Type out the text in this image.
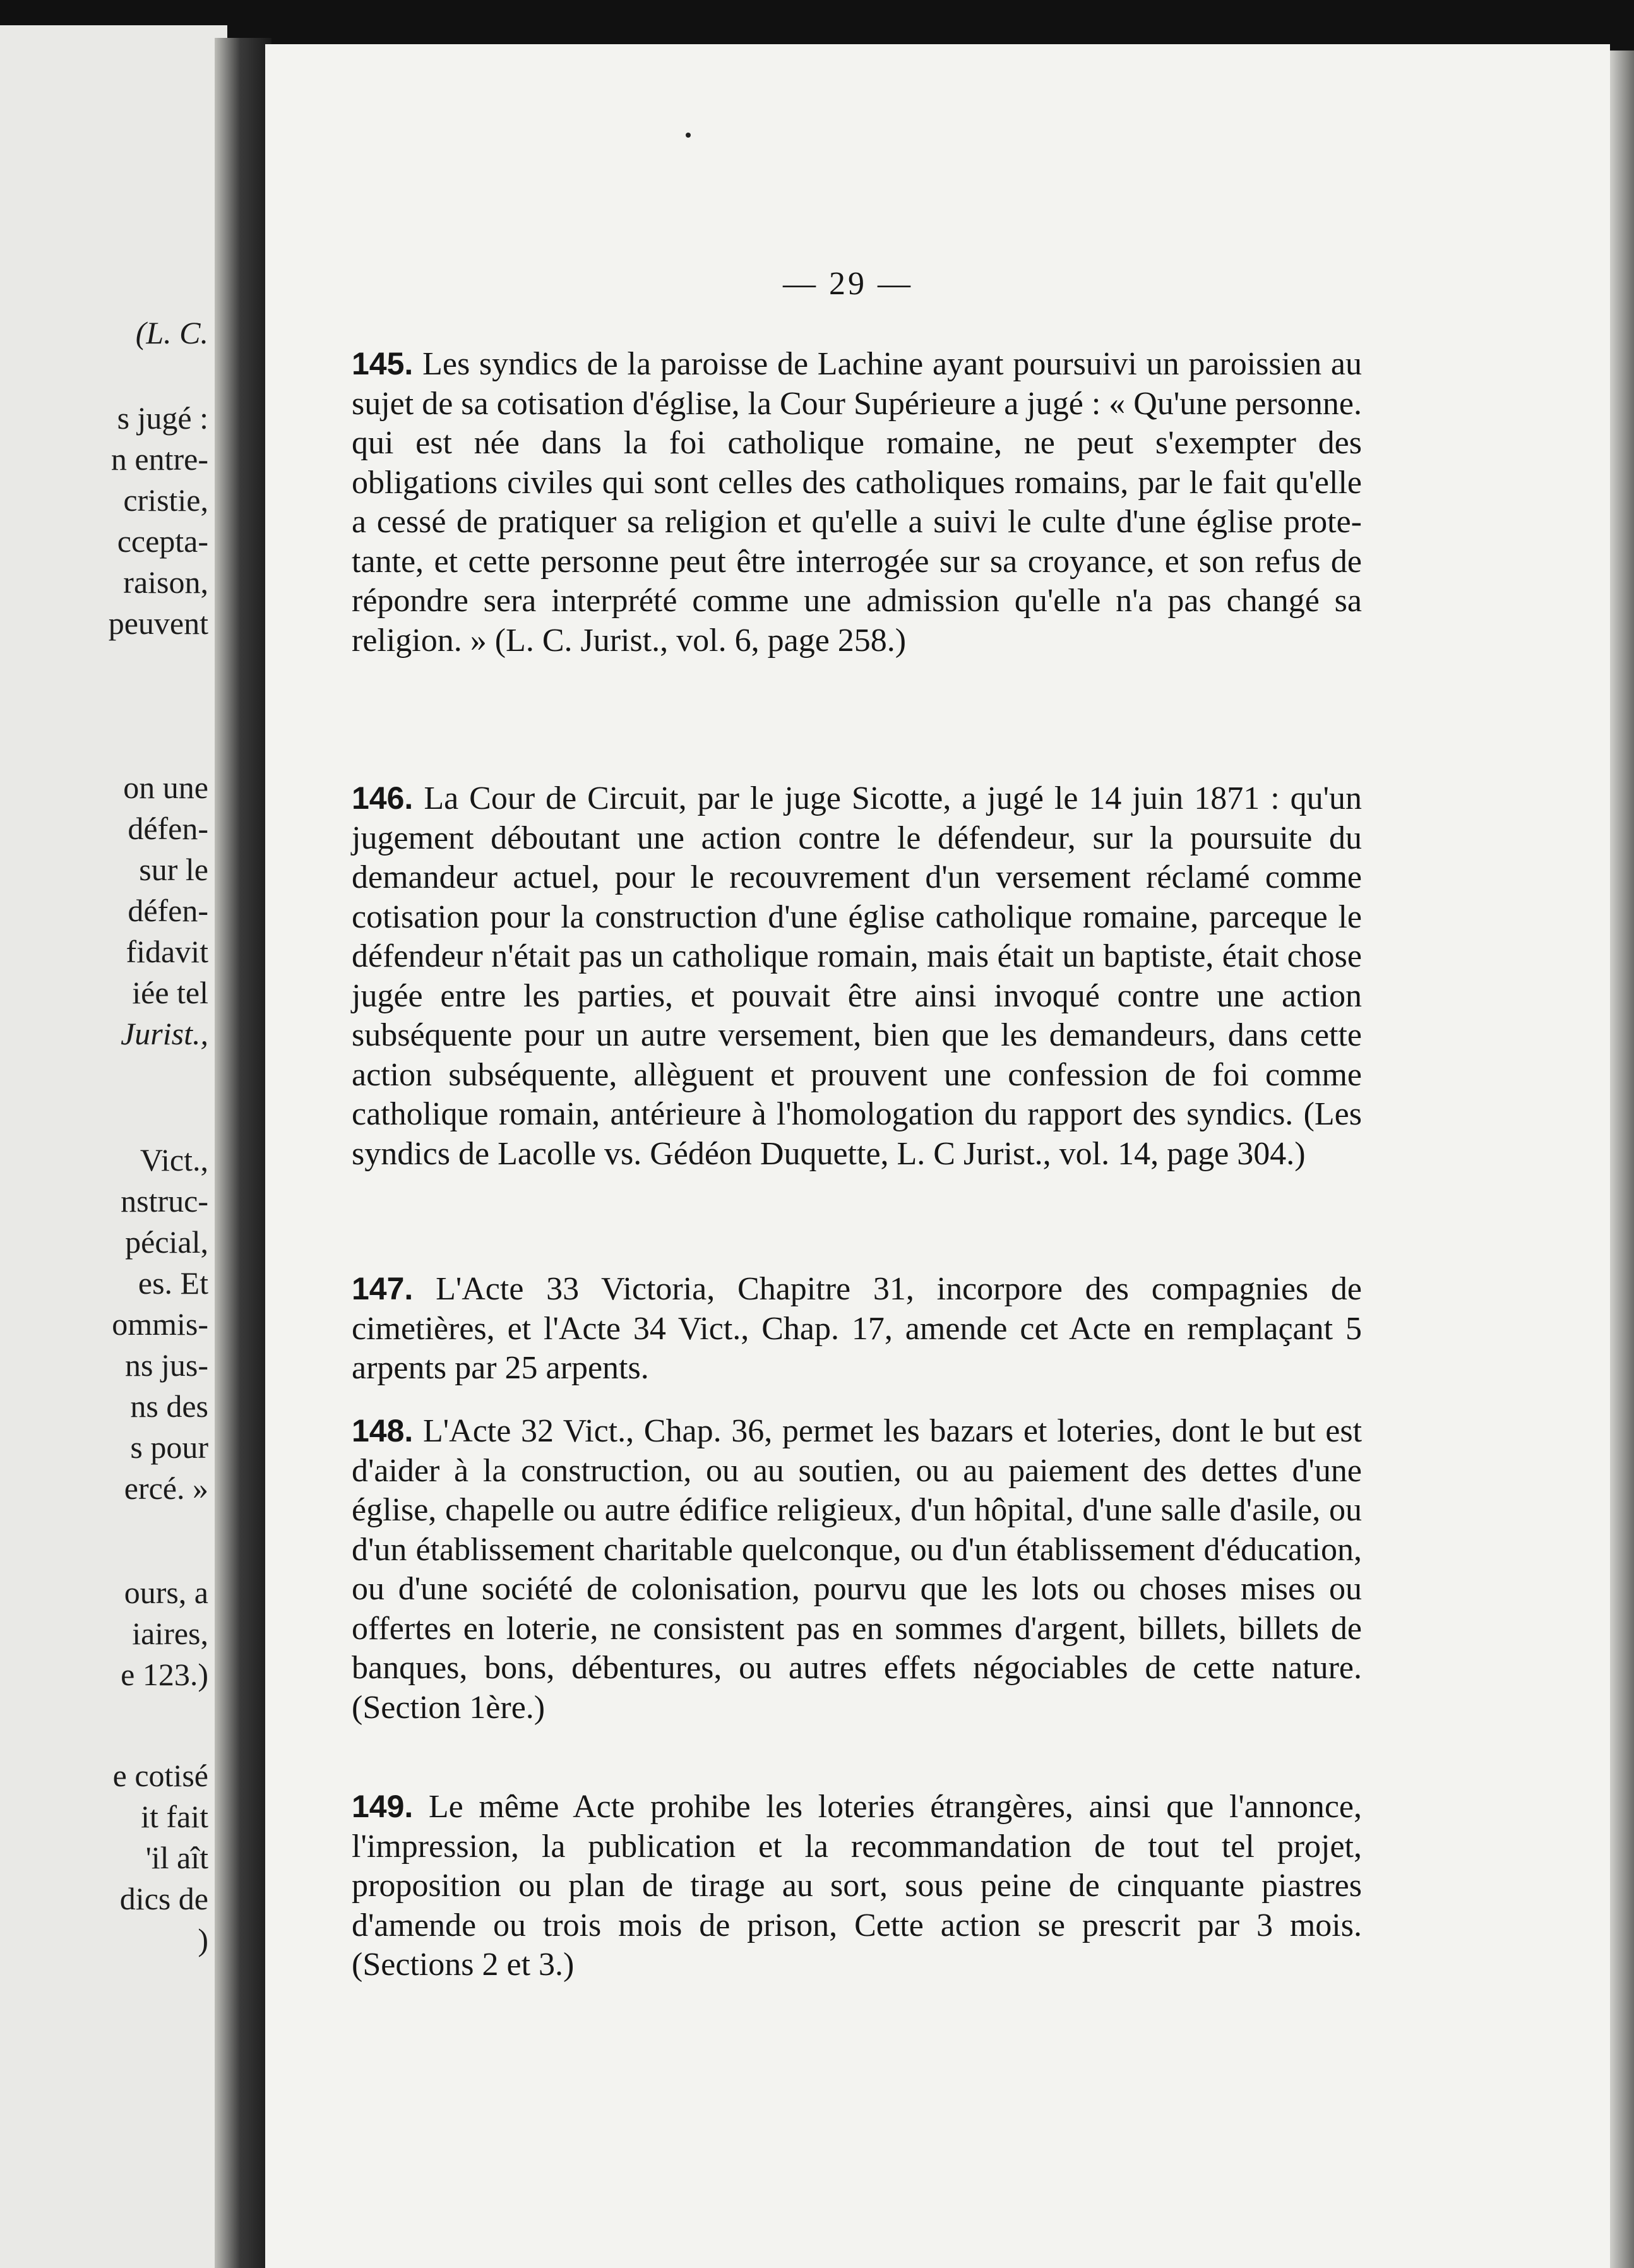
(L. C.
s jugé :
n entre-
cristie,
ccepta-
raison,
peuvent
on une
défen-
sur le
défen-
fidavit
iée tel
Jurist.,
Vict.,
nstruc-
pécial,
es. Et
ommis-
ns jus-
ns des
s pour
ercé. »
ours, a
iaires,
e 123.)
e cotisé
it fait
'il aît
dics de
)
— 29 —
145. Les syndics de la paroisse de Lachine ayant poursuivi un paroissien au sujet de sa cotisation d'église, la Cour Supérieure a jugé : « Qu'une personne. qui est née dans la foi catholique romaine, ne peut s'exempter des obligations civiles qui sont celles des catholiques romains, par le fait qu'elle a cessé de pratiquer sa religion et qu'elle a suivi le culte d'une église prote-tante, et cette personne peut être interrogée sur sa croyance, et son refus de répondre sera interprété comme une admission qu'elle n'a pas changé sa religion. » (L. C. Jurist., vol. 6, page 258.)
146. La Cour de Circuit, par le juge Sicotte, a jugé le 14 juin 1871 : qu'un jugement déboutant une action contre le défendeur, sur la poursuite du demandeur actuel, pour le recouvrement d'un versement réclamé comme cotisation pour la construction d'une église catholique romaine, parceque le défendeur n'était pas un catholique romain, mais était un baptiste, était chose jugée entre les parties, et pouvait être ainsi invoqué contre une action subséquente pour un autre versement, bien que les demandeurs, dans cette action subséquente, allèguent et prouvent une confession de foi comme catholique romain, antérieure à l'homologation du rapport des syndics. (Les syndics de Lacolle vs. Gédéon Duquette, L. C Jurist., vol. 14, page 304.)
147. L'Acte 33 Victoria, Chapitre 31, incorpore des compagnies de cimetières, et l'Acte 34 Vict., Chap. 17, amende cet Acte en remplaçant 5 arpents par 25 arpents.
148. L'Acte 32 Vict., Chap. 36, permet les bazars et loteries, dont le but est d'aider à la construction, ou au soutien, ou au paiement des dettes d'une église, chapelle ou autre édifice religieux, d'un hôpital, d'une salle d'asile, ou d'un établissement charitable quelconque, ou d'un établissement d'éducation, ou d'une société de colonisation, pourvu que les lots ou choses mises ou offertes en loterie, ne consistent pas en sommes d'argent, billets, billets de banques, bons, débentures, ou autres effets négociables de cette nature. (Section 1ère.)
149. Le même Acte prohibe les loteries étrangères, ainsi que l'annonce, l'impression, la publication et la recommandation de tout tel projet, proposition ou plan de tirage au sort, sous peine de cinquante piastres d'amende ou trois mois de prison, Cette action se prescrit par 3 mois. (Sections 2 et 3.)
